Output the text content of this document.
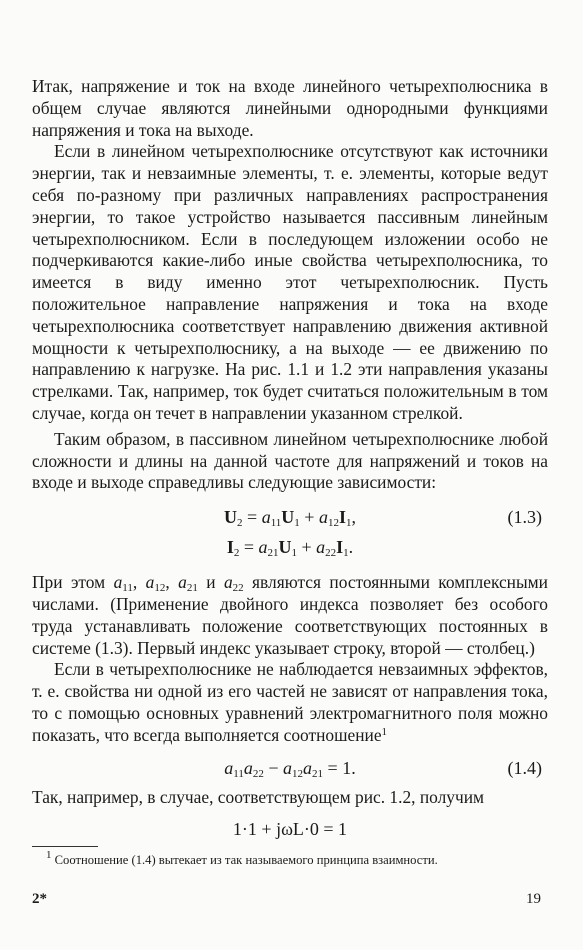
Итак, напряжение и ток на входе линейного четырехполюсника в общем случае являются линейными однородными функциями напряжения и тока на выходе.

Если в линейном четырехполюснике отсутствуют как источники энергии, так и невзаимные элементы, т. е. элементы, которые ведут себя по-разному при различных направлениях распространения энергии, то такое устройство называется пассивным линейным четырехполюсником. Если в последующем изложении особо не подчеркиваются какие-либо иные свойства четырехполюсника, то имеется в виду именно этот четырехполюсник. Пусть положительное направление напряжения и тока на входе четырехполюсника соответствует направлению движения активной мощности к четырехполюснику, а на выходе — ее движению по направлению к нагрузке. На рис. 1.1 и 1.2 эти направления указаны стрелками. Так, например, ток будет считаться положительным в том случае, когда он течет в направлении указанном стрелкой.

Таким образом, в пассивном линейном четырехполюснике любой сложности и длины на данной частоте для напряжений и токов на входе и выходе справедливы следующие зависимости:

$U_2 = a_{11}U_1 + a_{12}I_1$,	(1.3)
$I_2 = a_{21}U_1 + a_{22}I_1$.

При этом $a_{11}$, $a_{12}$, $a_{21}$ и $a_{22}$ являются постоянными комплексными числами. (Применение двойного индекса позволяет без особого труда устанавливать положение соответствующих постоянных в системе (1.3). Первый индекс указывает строку, второй — столбец.)

Если в четырехполюснике не наблюдается невзаимных эффектов, т. е. свойства ни одной из его частей не зависят от направления тока, то с помощью основных уравнений электромагнитного поля можно показать, что всегда выполняется соотношение$^1$

$a_{11}a_{22} - a_{12}a_{21} = 1$.	(1.4)

Так, например, в случае, соответствующем рис. 1.2, получим

1·1 + jωL·0 = 1
$^1$ Соотношение (1.4) вытекает из так называемого принципа взаимности.
2*	19
